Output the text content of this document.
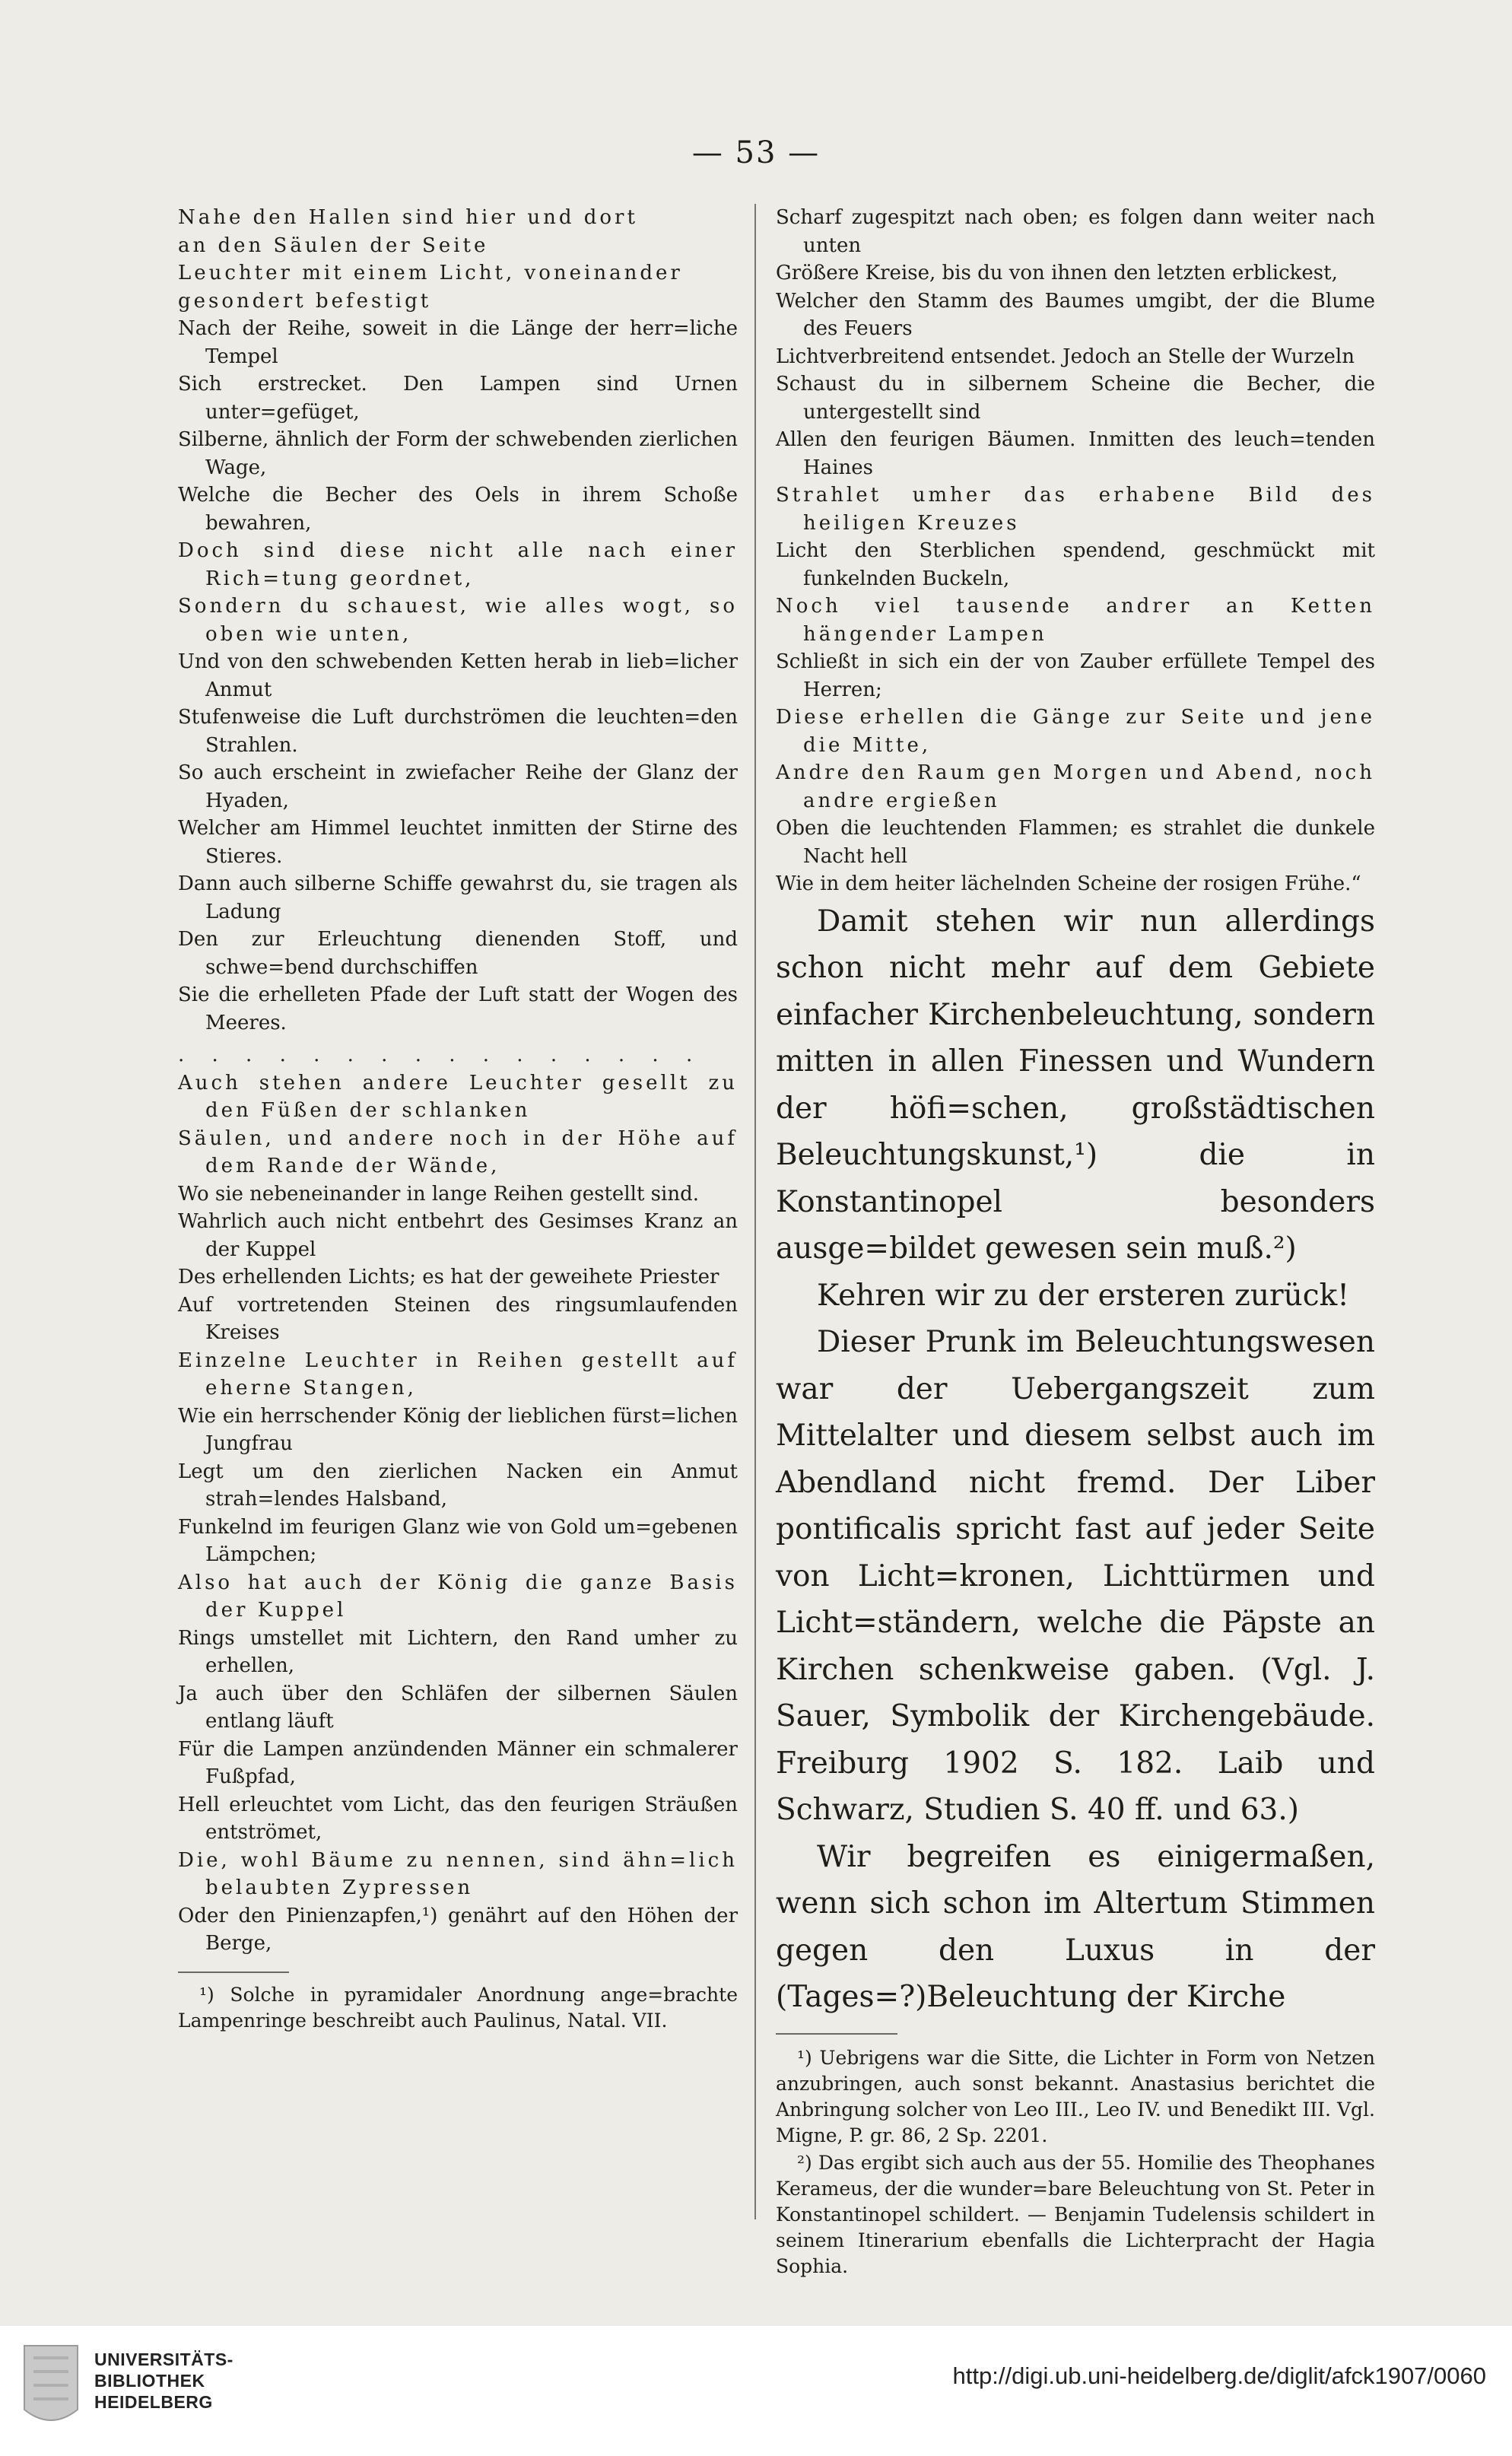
— 53 —

Nahe den Hallen sind hier und dort

an den Säulen der Seite

Leuchter mit einem Licht, voneinander

gesondert befestigt

Nach der Reihe, soweit in die Länge der herr=liche Tempel

Sich erstrecket. Den Lampen sind Urnen unter=gefüget,

Silberne, ähnlich der Form der schwebenden zierlichen Wage,

Welche die Becher des Oels in ihrem Schoße bewahren,

Doch sind diese nicht alle nach einer Rich=tung geordnet,

Sondern du schauest, wie alles wogt, so oben wie unten,

Und von den schwebenden Ketten herab in lieb=licher Anmut

Stufenweise die Luft durchströmen die leuchten=den Strahlen.

So auch erscheint in zwiefacher Reihe der Glanz der Hyaden,

Welcher am Himmel leuchtet inmitten der Stirne des Stieres.

Dann auch silberne Schiffe gewahrst du, sie tragen als Ladung

Den zur Erleuchtung dienenden Stoff, und schwe=bend durchschiffen

Sie die erhelleten Pfade der Luft statt der Wogen des Meeres.

. . . . . . . . . . . . . . . .

Auch stehen andere Leuchter gesellt zu den Füßen der schlanken

Säulen, und andere noch in der Höhe auf dem Rande der Wände,

Wo sie nebeneinander in lange Reihen gestellt sind.

Wahrlich auch nicht entbehrt des Gesimses Kranz an der Kuppel

Des erhellenden Lichts; es hat der geweihete Priester

Auf vortretenden Steinen des ringsumlaufenden Kreises

Einzelne Leuchter in Reihen gestellt auf eherne Stangen,

Wie ein herrschender König der lieblichen fürst=lichen Jungfrau

Legt um den zierlichen Nacken ein Anmut strah=lendes Halsband,

Funkelnd im feurigen Glanz wie von Gold um=gebenen Lämpchen;

Also hat auch der König die ganze Basis der Kuppel

Rings umstellet mit Lichtern, den Rand umher zu erhellen,

Ja auch über den Schläfen der silbernen Säulen entlang läuft

Für die Lampen anzündenden Männer ein schmalerer Fußpfad,

Hell erleuchtet vom Licht, das den feurigen Sträußen entströmet,

Die, wohl Bäume zu nennen, sind ähn=lich belaubten Zypressen

Oder den Pinienzapfen,¹) genährt auf den Höhen der Berge,

¹) Solche in pyramidaler Anordnung ange=brachte Lampenringe beschreibt auch Paulinus, Natal. VII.

Scharf zugespitzt nach oben; es folgen dann weiter nach unten

Größere Kreise, bis du von ihnen den letzten erblickest,

Welcher den Stamm des Baumes umgibt, der die Blume des Feuers

Lichtverbreitend entsendet. Jedoch an Stelle der Wurzeln

Schaust du in silbernem Scheine die Becher, die untergestellt sind

Allen den feurigen Bäumen. Inmitten des leuch=tenden Haines

Strahlet umher das erhabene Bild des heiligen Kreuzes

Licht den Sterblichen spendend, geschmückt mit funkelnden Buckeln,

Noch viel tausende andrer an Ketten hängender Lampen

Schließt in sich ein der von Zauber erfüllete Tempel des Herren;

Diese erhellen die Gänge zur Seite und jene die Mitte,

Andre den Raum gen Morgen und Abend, noch andre ergießen

Oben die leuchtenden Flammen; es strahlet die dunkele Nacht hell

Wie in dem heiter lächelnden Scheine der rosigen Frühe.“

Damit stehen wir nun allerdings schon nicht mehr auf dem Gebiete einfacher Kirchenbeleuchtung, sondern mitten in allen Finessen und Wundern der höfi=schen, großstädtischen Beleuchtungskunst,¹) die in Konstantinopel besonders ausge=bildet gewesen sein muß.²)

Kehren wir zu der ersteren zurück!

Dieser Prunk im Beleuchtungswesen war der Uebergangszeit zum Mittelalter und diesem selbst auch im Abendland nicht fremd. Der Liber pontificalis spricht fast auf jeder Seite von Licht=kronen, Lichttürmen und Licht=ständern, welche die Päpste an Kirchen schenkweise gaben. (Vgl. J. Sauer, Symbolik der Kirchengebäude. Freiburg 1902 S. 182. Laib und Schwarz, Studien S. 40 ff. und 63.)

Wir begreifen es einigermaßen, wenn sich schon im Altertum Stimmen gegen den Luxus in der (Tages=?)Beleuchtung der Kirche

¹) Uebrigens war die Sitte, die Lichter in Form von Netzen anzubringen, auch sonst bekannt. Anastasius berichtet die Anbringung solcher von Leo III., Leo IV. und Benedikt III. Vgl. Migne, P. gr. 86, 2 Sp. 2201.

²) Das ergibt sich auch aus der 55. Homilie des Theophanes Kerameus, der die wunder=bare Beleuchtung von St. Peter in Konstantinopel schildert. — Benjamin Tudelensis schildert in seinem Itinerarium ebenfalls die Lichterpracht der Hagia Sophia.

UNIVERSITÄTS-
BIBLIOTHEK
HEIDELBERG
http://digi.ub.uni-heidelberg.de/diglit/afck1907/0060
